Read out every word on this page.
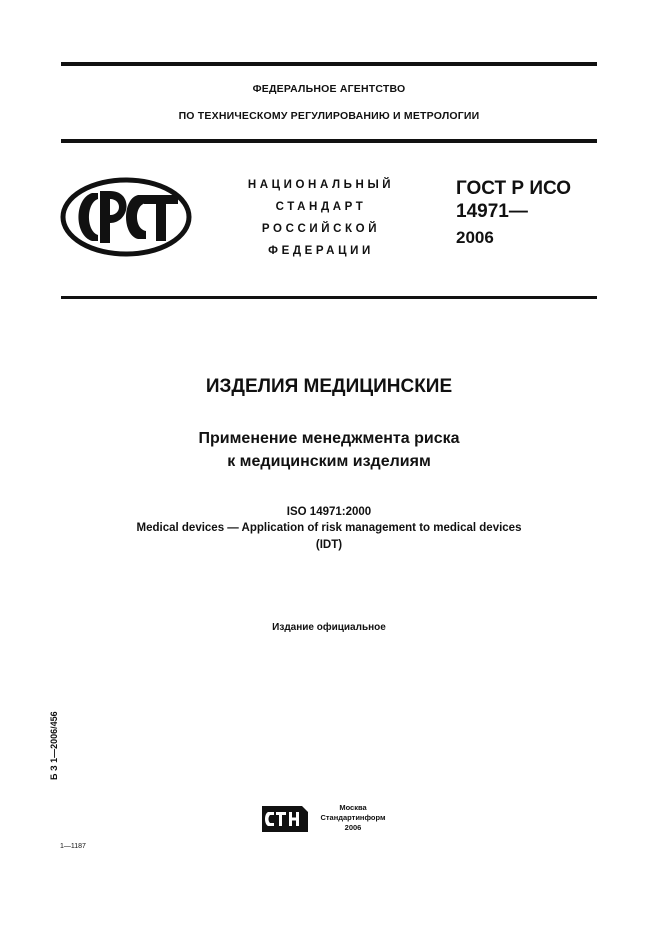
ФЕДЕРАЛЬНОЕ АГЕНТСТВО
ПО ТЕХНИЧЕСКОМУ РЕГУЛИРОВАНИЮ И МЕТРОЛОГИИ
НАЦИОНАЛЬНЫЙ
СТАНДАРТ
РОССИЙСКОЙ
ФЕДЕРАЦИИ
ГОСТ Р ИСО
14971—
2006
ИЗДЕЛИЯ МЕДИЦИНСКИЕ
Применение менеджмента риска
к медицинским изделиям
ISO 14971:2000
Medical devices — Application of risk management to medical devices
(IDT)
Издание официальное
Б З 1—2006/456
Москва
Стандартинформ
2006
1—1187
